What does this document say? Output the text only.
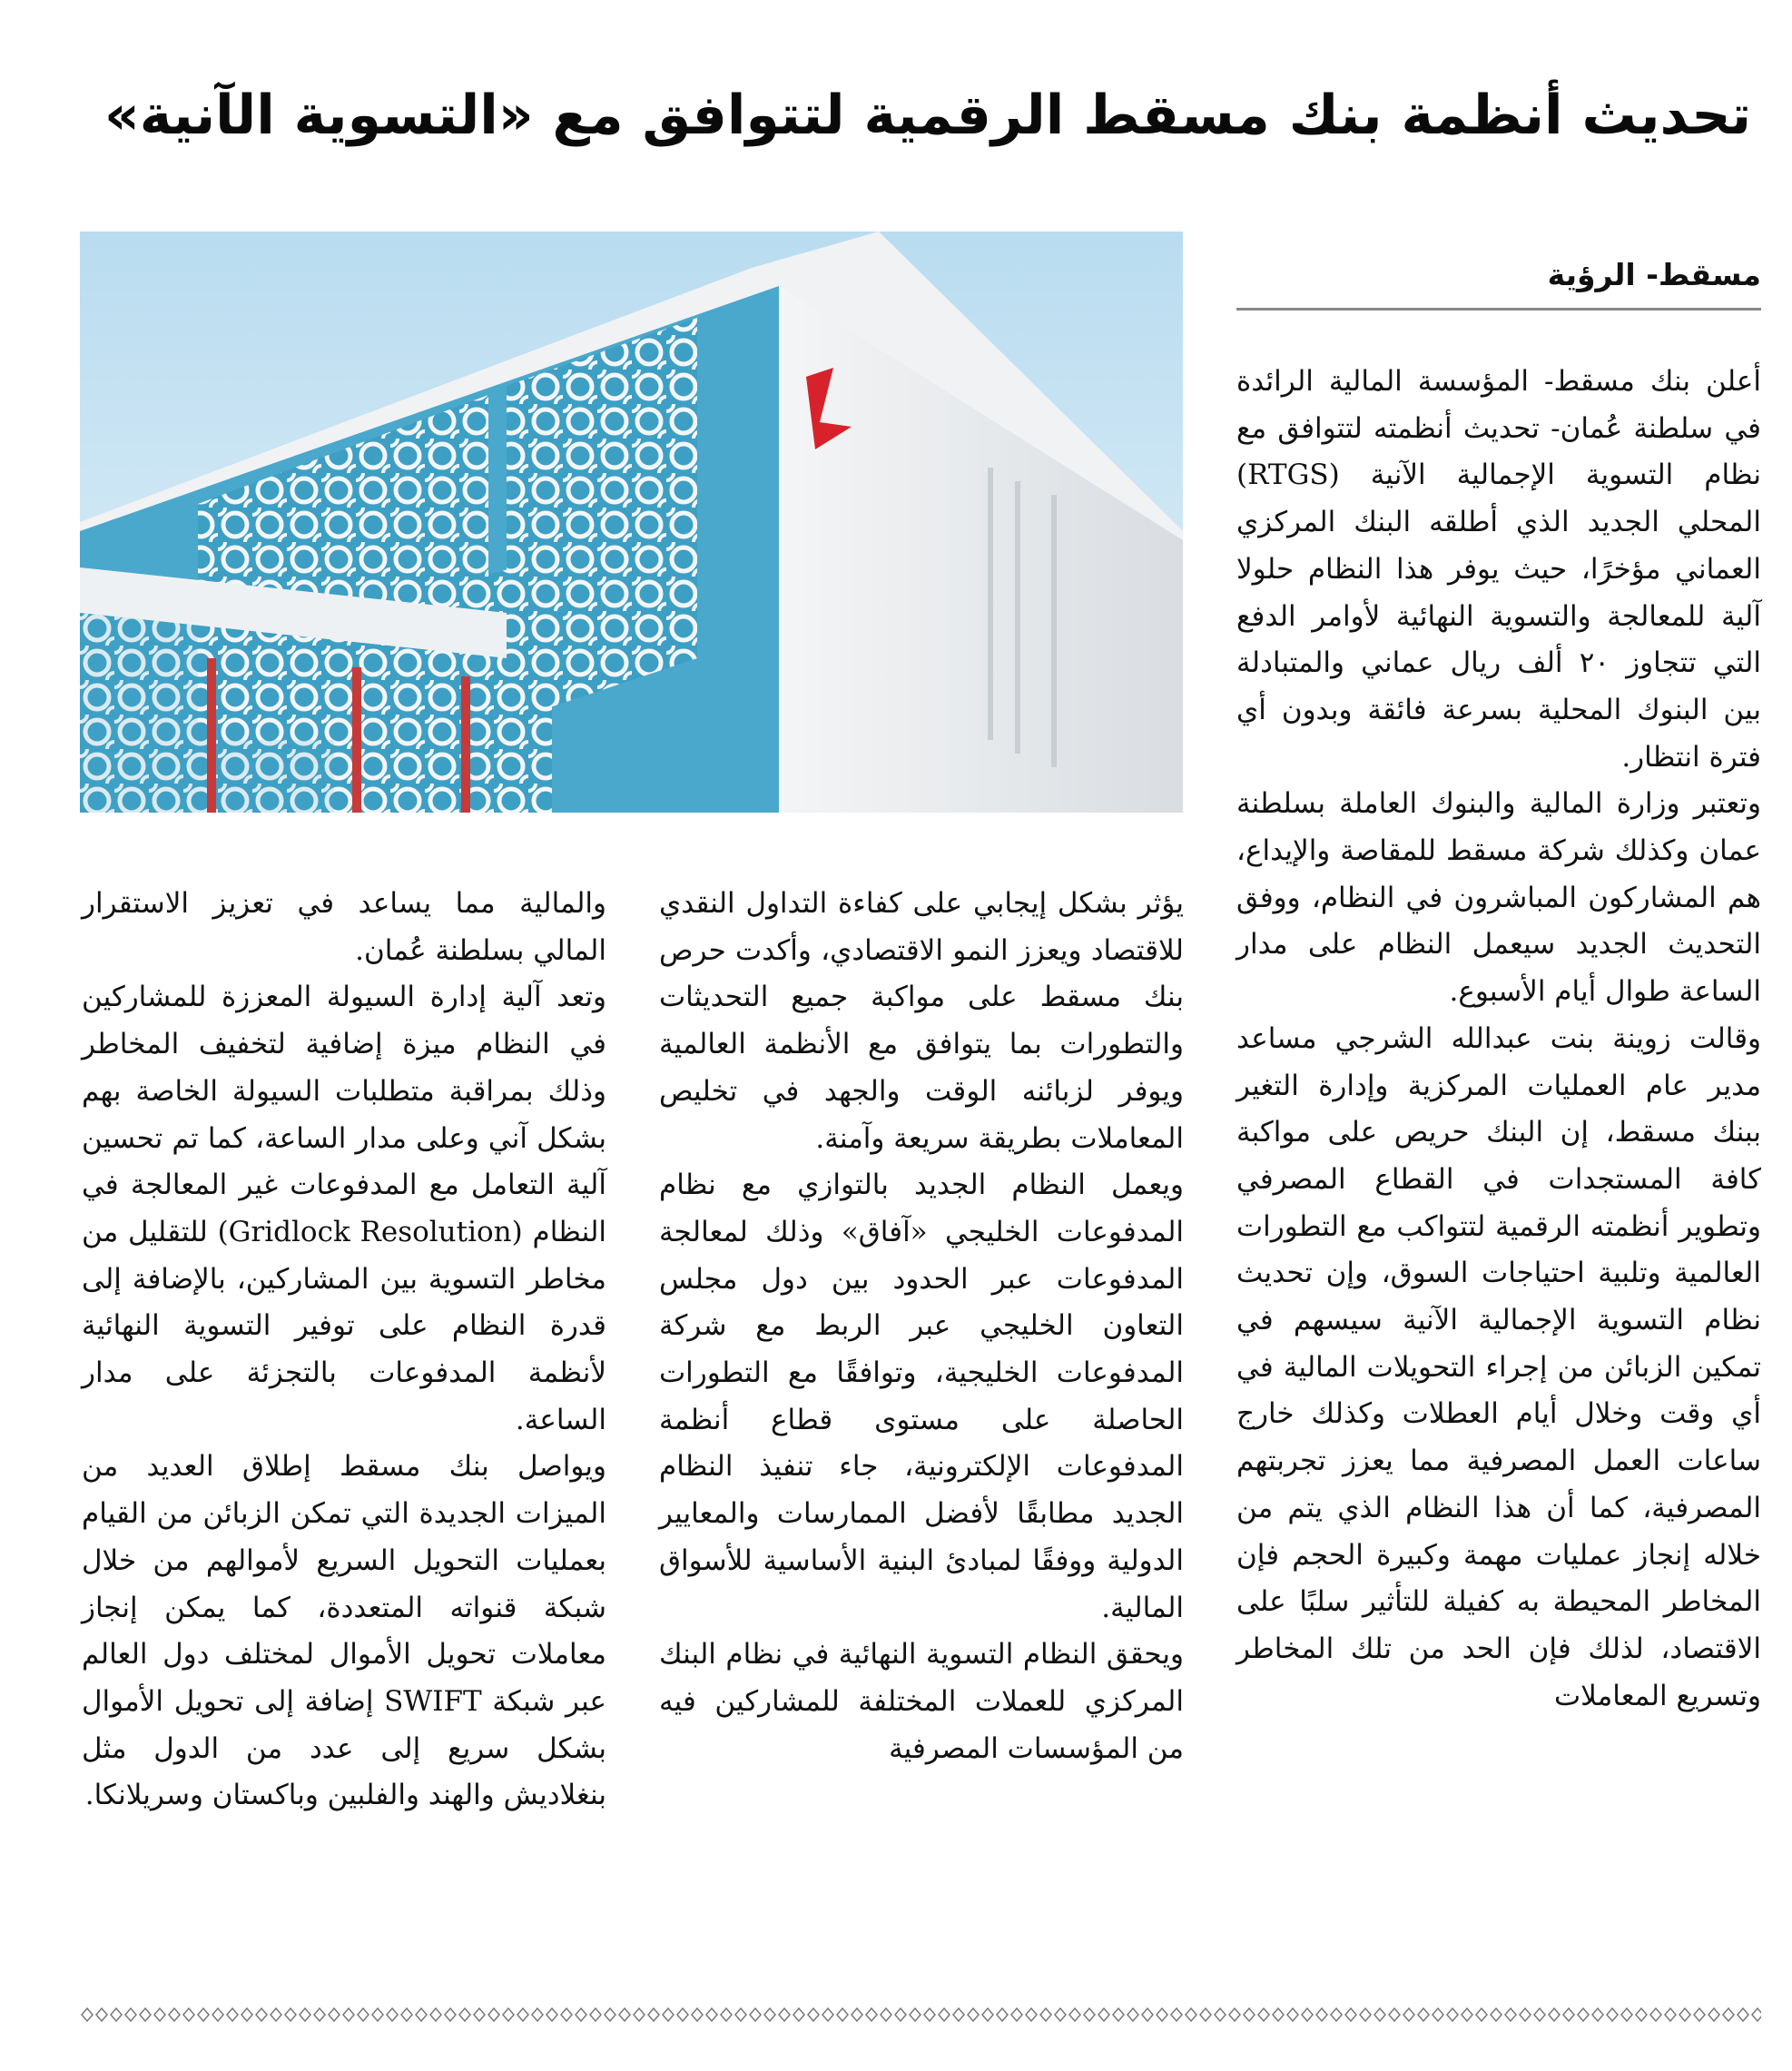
تحديث أنظمة بنك مسقط الرقمية لتتوافق مع «التسوية الآنية»
مسقط- الرؤية

أعلن بنك مسقط- المؤسسة المالية الرائدة في سلطنة عُمان- تحديث أنظمته لتتوافق مع نظام التسوية الإجمالية الآنية (RTGS) المحلي الجديد الذي أطلقه البنك المركزي العماني مؤخرًا، حيث يوفر هذا النظام حلولا آلية للمعالجة والتسوية النهائية لأوامر الدفع التي تتجاوز ٢٠ ألف ريال عماني والمتبادلة بين البنوك المحلية بسرعة فائقة وبدون أي فترة انتظار.

وتعتبر وزارة المالية والبنوك العاملة بسلطنة عمان وكذلك شركة مسقط للمقاصة والإيداع، هم المشاركون المباشرون في النظام، ووفق التحديث الجديد سيعمل النظام على مدار الساعة طوال أيام الأسبوع.

وقالت زوينة بنت عبدالله الشرجي مساعد مدير عام العمليات المركزية وإدارة التغير ببنك مسقط، إن البنك حريص على مواكبة كافة المستجدات في القطاع المصرفي وتطوير أنظمته الرقمية لتتواكب مع التطورات العالمية وتلبية احتياجات السوق، وإن تحديث نظام التسوية الإجمالية الآنية سيسهم في تمكين الزبائن من إجراء التحويلات المالية في أي وقت وخلال أيام العطلات وكذلك خارج ساعات العمل المصرفية مما يعزز تجربتهم المصرفية، كما أن هذا النظام الذي يتم من خلاله إنجاز عمليات مهمة وكبيرة الحجم فإن المخاطر المحيطة به كفيلة للتأثير سلبًا على الاقتصاد، لذلك فإن الحد من تلك المخاطر وتسريع المعاملات

يؤثر بشكل إيجابي على كفاءة التداول النقدي للاقتصاد ويعزز النمو الاقتصادي، وأكدت حرص بنك مسقط على مواكبة جميع التحديثات والتطورات بما يتوافق مع الأنظمة العالمية ويوفر لزبائنه الوقت والجهد في تخليص المعاملات بطريقة سريعة وآمنة.

ويعمل النظام الجديد بالتوازي مع نظام المدفوعات الخليجي «آفاق» وذلك لمعالجة المدفوعات عبر الحدود بين دول مجلس التعاون الخليجي عبر الربط مع شركة المدفوعات الخليجية، وتوافقًا مع التطورات الحاصلة على مستوى قطاع أنظمة المدفوعات الإلكترونية، جاء تنفيذ النظام الجديد مطابقًا لأفضل الممارسات والمعايير الدولية ووفقًا لمبادئ البنية الأساسية للأسواق المالية.

ويحقق النظام التسوية النهائية في نظام البنك المركزي للعملات المختلفة للمشاركين فيه من المؤسسات المصرفية

والمالية مما يساعد في تعزيز الاستقرار المالي بسلطنة عُمان.

وتعد آلية إدارة السيولة المعززة للمشاركين في النظام ميزة إضافية لتخفيف المخاطر وذلك بمراقبة متطلبات السيولة الخاصة بهم بشكل آني وعلى مدار الساعة، كما تم تحسين آلية التعامل مع المدفوعات غير المعالجة في النظام (Gridlock Resolution) للتقليل من مخاطر التسوية بين المشاركين، بالإضافة إلى قدرة النظام على توفير التسوية النهائية لأنظمة المدفوعات بالتجزئة على مدار الساعة.

ويواصل بنك مسقط إطلاق العديد من الميزات الجديدة التي تمكن الزبائن من القيام بعمليات التحويل السريع لأموالهم من خلال شبكة قنواته المتعددة، كما يمكن إنجاز معاملات تحويل الأموال لمختلف دول العالم عبر شبكة SWIFT إضافة إلى تحويل الأموال بشكل سريع إلى عدد من الدول مثل بنغلاديش والهند والفلبين وباكستان وسريلانكا.
